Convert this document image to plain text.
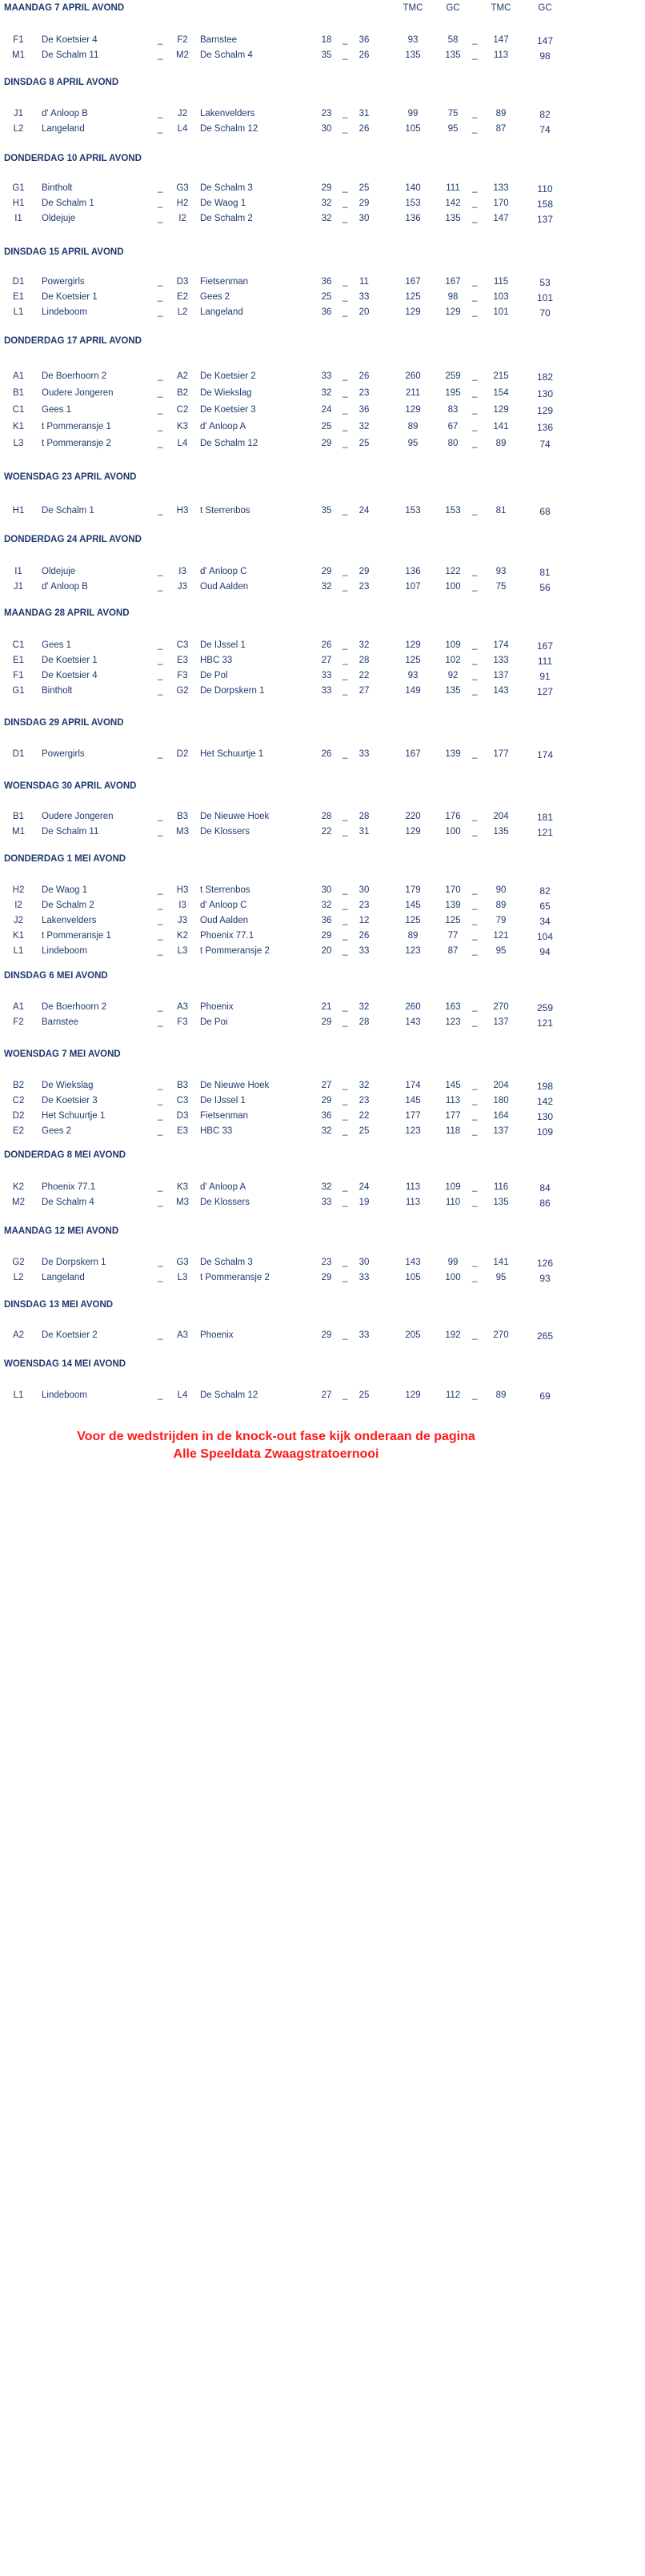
TMC	GC	TMC	GC
MAANDAG 7 APRIL AVOND
F1	De Koetsier 4	_	F2	Barnstee	18	_	36	93	58	_	147	147
M1	De Schalm 11	_	M2	De Schalm 4	35	_	26	135	135	_	113	98
DINSDAG 8 APRIL AVOND
J1	d' Anloop B	_	J2	Lakenvelders	23	_	31	99	75	_	89	82
L2	Langeland	_	L4	De Schalm 12	30	_	26	105	95	_	87	74
DONDERDAG 10 APRIL AVOND
G1	Bintholt	_	G3	De Schalm 3	29	_	25	140	111	_	133	110
H1	De Schalm 1	_	H2	De Waog 1	32	_	29	153	142	_	170	158
I1	Oldejuje	_	I2	De Schalm 2	32	_	30	136	135	_	147	137
DINSDAG 15 APRIL AVOND
D1	Powergirls	_	D3	Fietsenman	36	_	11	167	167	_	115	53
E1	De Koetsier 1	_	E2	Gees 2	25	_	33	125	98	_	103	101
L1	Lindeboom	_	L2	Langeland	36	_	20	129	129	_	101	70
DONDERDAG 17 APRIL AVOND
A1	De Boerhoorn 2	_	A2	De Koetsier 2	33	_	26	260	259	_	215	182
B1	Oudere Jongeren	_	B2	De Wiekslag	32	_	23	211	195	_	154	130
C1	Gees 1	_	C2	De Koetsier 3	24	_	36	129	83	_	129	129
K1	t Pommeransje 1	_	K3	d' Anloop A	25	_	32	89	67	_	141	136
L3	t Pommeransje 2	_	L4	De Schalm 12	29	_	25	95	80	_	89	74
WOENSDAG 23 APRIL AVOND
H1	De Schalm 1	_	H3	t Sterrenbos	35	_	24	153	153	_	81	68
DONDERDAG 24 APRIL AVOND
I1	Oldejuje	_	I3	d' Anloop C	29	_	29	136	122	_	93	81
J1	d' Anloop B	_	J3	Oud Aalden	32	_	23	107	100	_	75	56
MAANDAG 28 APRIL AVOND
C1	Gees 1	_	C3	De IJssel 1	26	_	32	129	109	_	174	167
E1	De Koetsier 1	_	E3	HBC 33	27	_	28	125	102	_	133	111
F1	De Koetsier 4	_	F3	De Pol	33	_	22	93	92	_	137	91
G1	Bintholt	_	G2	De Dorpskern 1	33	_	27	149	135	_	143	127
DINSDAG 29 APRIL AVOND
D1	Powergirls	_	D2	Het Schuurtje 1	26	_	33	167	139	_	177	174
WOENSDAG 30 APRIL AVOND
B1	Oudere Jongeren	_	B3	De Nieuwe Hoek	28	_	28	220	176	_	204	181
M1	De Schalm 11	_	M3	De Klossers	22	_	31	129	100	_	135	121
DONDERDAG 1 MEI AVOND
H2	De Waog 1	_	H3	t Sterrenbos	30	_	30	179	170	_	90	82
I2	De Schalm 2	_	I3	d' Anloop C	32	_	23	145	139	_	89	65
J2	Lakenvelders	_	J3	Oud Aalden	36	_	12	125	125	_	79	34
K1	t Pommeransje 1	_	K2	Phoenix 77.1	29	_	26	89	77	_	121	104
L1	Lindeboom	_	L3	t Pommeransje 2	20	_	33	123	87	_	95	94
DINSDAG 6 MEI AVOND
A1	De Boerhoorn 2	_	A3	Phoenix	21	_	32	260	163	_	270	259
F2	Barnstee	_	F3	De Poi	29	_	28	143	123	_	137	121
WOENSDAG 7 MEI AVOND
B2	De Wiekslag	_	B3	De Nieuwe Hoek	27	_	32	174	145	_	204	198
C2	De Koetsier 3	_	C3	De IJssel 1	29	_	23	145	113	_	180	142
D2	Het Schuurtje 1	_	D3	Fietsenman	36	_	22	177	177	_	164	130
E2	Gees 2	_	E3	HBC 33	32	_	25	123	118	_	137	109
DONDERDAG 8 MEI AVOND
K2	Phoenix 77.1	_	K3	d' Anloop A	32	_	24	113	109	_	116	84
M2	De Schalm 4	_	M3	De Klossers	33	_	19	113	110	_	135	86
MAANDAG 12 MEI AVOND
G2	De Dorpskern 1	_	G3	De Schalm 3	23	_	30	143	99	_	141	126
L2	Langeland	_	L3	t Pommeransje 2	29	_	33	105	100	_	95	93
DINSDAG 13 MEI AVOND
A2	De Koetsier 2	_	A3	Phoenix	29	_	33	205	192	_	270	265
WOENSDAG 14 MEI AVOND
L1	Lindeboom	_	L4	De Schalm 12	27	_	25	129	112	_	89	69
Voor de wedstrijden in de knock-out fase kijk onderaan de pagina
Alle Speeldata Zwaagstratoernooi
